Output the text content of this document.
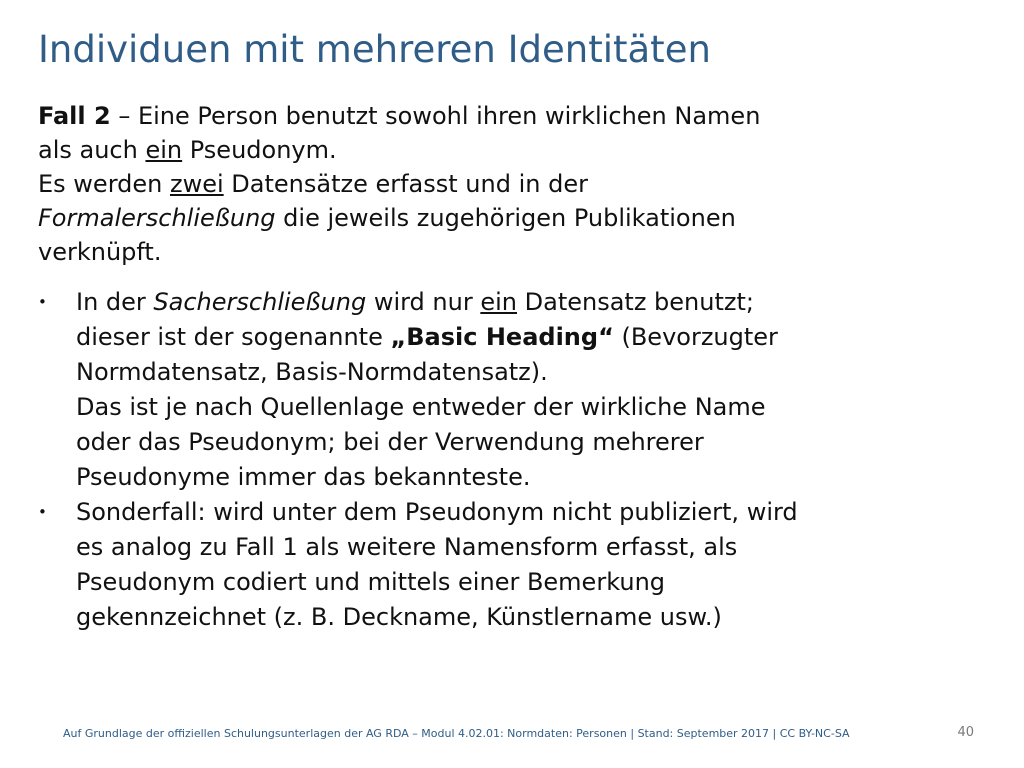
Individuen mit mehreren Identitäten

Fall 2 – Eine Person benutzt sowohl ihren wirklichen Namen
als auch ein Pseudonym.
Es werden zwei Datensätze erfasst und in der
Formalerschließung die jeweils zugehörigen Publikationen
verknüpft.

• In der Sacherschließung wird nur ein Datensatz benutzt;
dieser ist der sogenannte „Basic Heading“ (Bevorzugter
Normdatensatz, Basis-Normdatensatz).
Das ist je nach Quellenlage entweder der wirkliche Name
oder das Pseudonym; bei der Verwendung mehrerer
Pseudonyme immer das bekannteste.
• Sonderfall: wird unter dem Pseudonym nicht publiziert, wird
es analog zu Fall 1 als weitere Namensform erfasst, als
Pseudonym codiert und mittels einer Bemerkung
gekennzeichnet (z. B. Deckname, Künstlername usw.)
Auf Grundlage der offiziellen Schulungsunterlagen der AG RDA – Modul 4.02.01: Normdaten: Personen | Stand: September 2017 | CC BY-NC-SA	40
